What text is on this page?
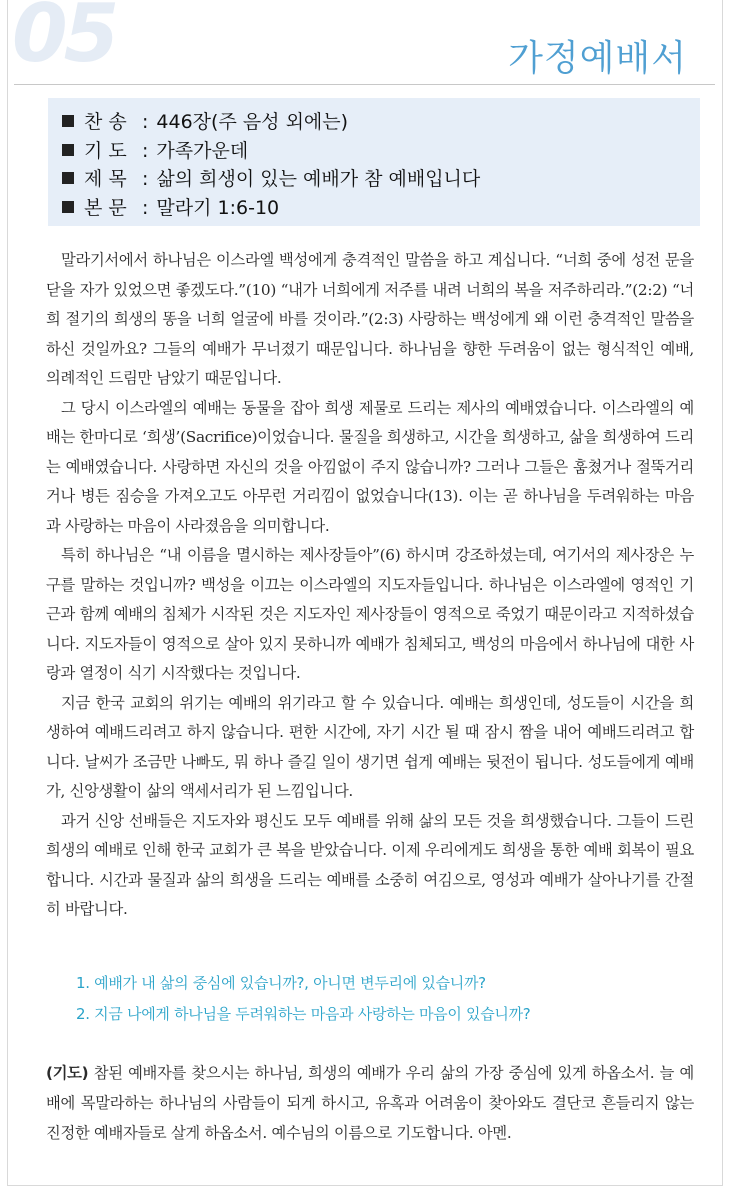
05	가정예배서
찬 송 : 446장(주 음성 외에는)
기 도 : 가족가운데
제 목 : 삶의 희생이 있는 예배가 참 예배입니다
본 문 : 말라기 1:6-10

말라기서에서 하나님은 이스라엘 백성에게 충격적인 말씀을 하고 계십니다. “너희 중에 성전 문을 닫을 자가 있었으면 좋겠도다.”(10) “내가 너희에게 저주를 내려 너희의 복을 저주하리라.”(2:2) “너희 절기의 희생의 똥을 너희 얼굴에 바를 것이라.”(2:3) 사랑하는 백성에게 왜 이런 충격적인 말씀을 하신 것일까요? 그들의 예배가 무너졌기 때문입니다. 하나님을 향한 두려움이 없는 형식적인 예배, 의례적인 드림만 남았기 때문입니다.

그 당시 이스라엘의 예배는 동물을 잡아 희생 제물로 드리는 제사의 예배였습니다. 이스라엘의 예배는 한마디로 ‘희생’(Sacrifice)이었습니다. 물질을 희생하고, 시간을 희생하고, 삶을 희생하여 드리는 예배였습니다. 사랑하면 자신의 것을 아낌없이 주지 않습니까? 그러나 그들은 훔쳤거나 절뚝거리거나 병든 짐승을 가져오고도 아무런 거리낌이 없었습니다(13). 이는 곧 하나님을 두려워하는 마음과 사랑하는 마음이 사라졌음을 의미합니다.

특히 하나님은 “내 이름을 멸시하는 제사장들아”(6) 하시며 강조하셨는데, 여기서의 제사장은 누구를 말하는 것입니까? 백성을 이끄는 이스라엘의 지도자들입니다. 하나님은 이스라엘에 영적인 기근과 함께 예배의 침체가 시작된 것은 지도자인 제사장들이 영적으로 죽었기 때문이라고 지적하셨습니다. 지도자들이 영적으로 살아 있지 못하니까 예배가 침체되고, 백성의 마음에서 하나님에 대한 사랑과 열정이 식기 시작했다는 것입니다.

지금 한국 교회의 위기는 예배의 위기라고 할 수 있습니다. 예배는 희생인데, 성도들이 시간을 희생하여 예배드리려고 하지 않습니다. 편한 시간에, 자기 시간 될 때 잠시 짬을 내어 예배드리려고 합니다. 날씨가 조금만 나빠도, 뭐 하나 즐길 일이 생기면 쉽게 예배는 뒷전이 됩니다. 성도들에게 예배가, 신앙생활이 삶의 액세서리가 된 느낌입니다.

과거 신앙 선배들은 지도자와 평신도 모두 예배를 위해 삶의 모든 것을 희생했습니다. 그들이 드린 희생의 예배로 인해 한국 교회가 큰 복을 받았습니다. 이제 우리에게도 희생을 통한 예배 회복이 필요합니다. 시간과 물질과 삶의 희생을 드리는 예배를 소중히 여김으로, 영성과 예배가 살아나기를 간절히 바랍니다.

1. 예배가 내 삶의 중심에 있습니까?, 아니면 변두리에 있습니까?
2. 지금 나에게 하나님을 두려워하는 마음과 사랑하는 마음이 있습니까?
(기도) 참된 예배자를 찾으시는 하나님, 희생의 예배가 우리 삶의 가장 중심에 있게 하옵소서. 늘 예배에 목말라하는 하나님의 사람들이 되게 하시고, 유혹과 어려움이 찾아와도 결단코 흔들리지 않는 진정한 예배자들로 살게 하옵소서. 예수님의 이름으로 기도합니다. 아멘.
